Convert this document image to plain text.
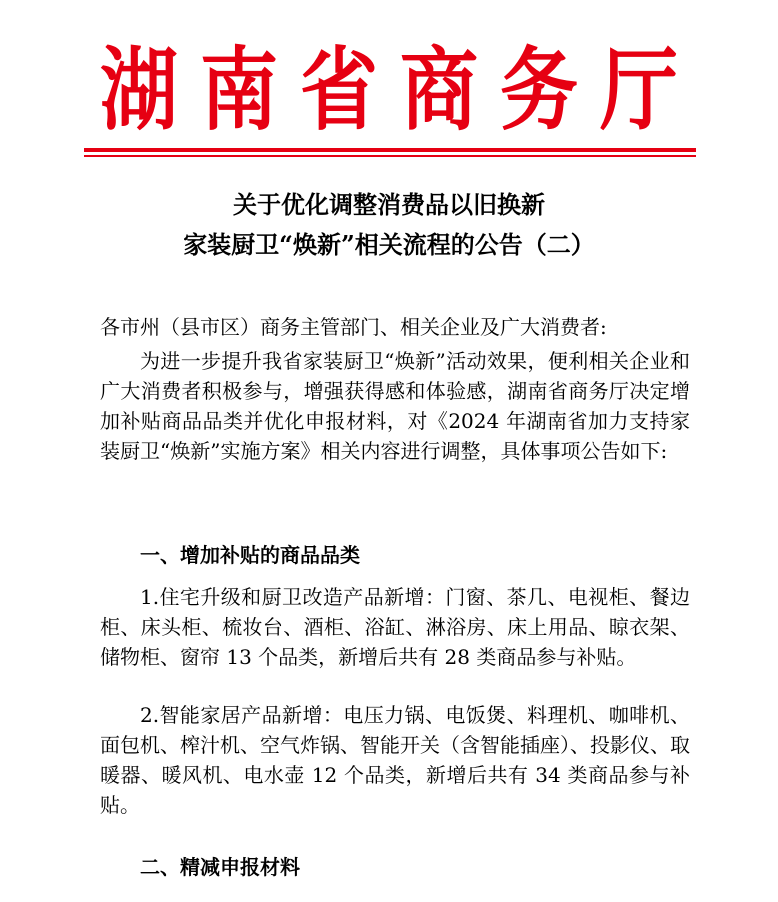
湖南省商务厅
关于优化调整消费品以旧换新
家装厨卫“焕新”相关流程的公告（二）
各市州（县市区）商务主管部门、相关企业及广大消费者:
为进一步提升我省家装厨卫“焕新”活动效果，便利相关企业和广大消费者积极参与，增强获得感和体验感，湖南省商务厅决定增加补贴商品品类并优化申报材料，对《2024 年湖南省加力支持家装厨卫“焕新”实施方案》相关内容进行调整，具体事项公告如下:
一、增加补贴的商品品类
1.住宅升级和厨卫改造产品新增：门窗、茶几、电视柜、餐边柜、床头柜、梳妆台、酒柜、浴缸、淋浴房、床上用品、晾衣架、储物柜、窗帘 13 个品类，新增后共有 28 类商品参与补贴。
2.智能家居产品新增：电压力锅、电饭煲、料理机、咖啡机、面包机、榨汁机、空气炸锅、智能开关（含智能插座）、投影仪、取暖器、暖风机、电水壶 12 个品类，新增后共有 34 类商品参与补贴。
二、精减申报材料
